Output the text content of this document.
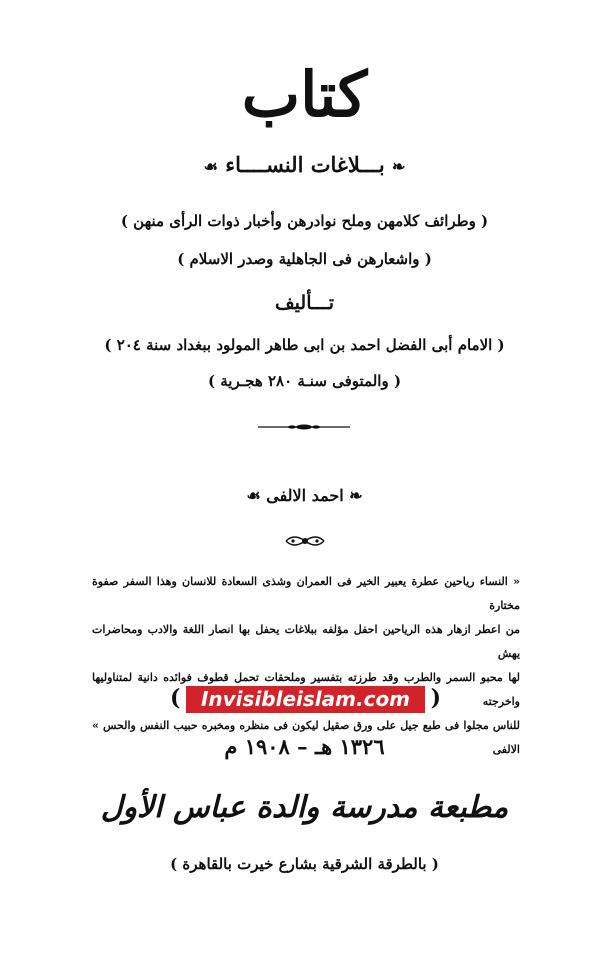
كتاب
❧ بـــلاغات النســــاء ☙
( وطرائف كلامهن وملح نوادرهن وأخبار ذوات الرأى منهن )
( واشعارهن فى الجاهلية وصدر الاسلام )
تـــأليف
( الامام أبى الفضل احمد بن ابى طاهر المولود ببغداد سنة ٢٠٤ )
( والمتوفى سنـة ٢٨٠ هجـرية )
❧ احمد الالفى ☙
« النساء رياحين عطرة يعبير الخير فى العمران وشذى السعادة للانسان وهذا السفر صفوة مختارة
من اعطر ازهار هذه الرياحين احفل مؤلفه ببلاغات يحفل بها انصار اللغة والادب ومحاضرات يهش
لها محبو السمر والطرب وقد طرزته بتفسير وملحقات تحمل قطوف فوائده دانية لمتناوليها واخرجته
للناس مجلوا فى طبع جيل على ورق صقيل ليكون فى منظره ومخبره حبيب النفس والحس » الالفى
(	Invisibleislam.com )
١٣٢٦ هـ – ١٩٠٨ م
مطبعة مدرسة والدة عباس الأول
( بالطرقة الشرقية بشارع خيرت بالقاهرة )
